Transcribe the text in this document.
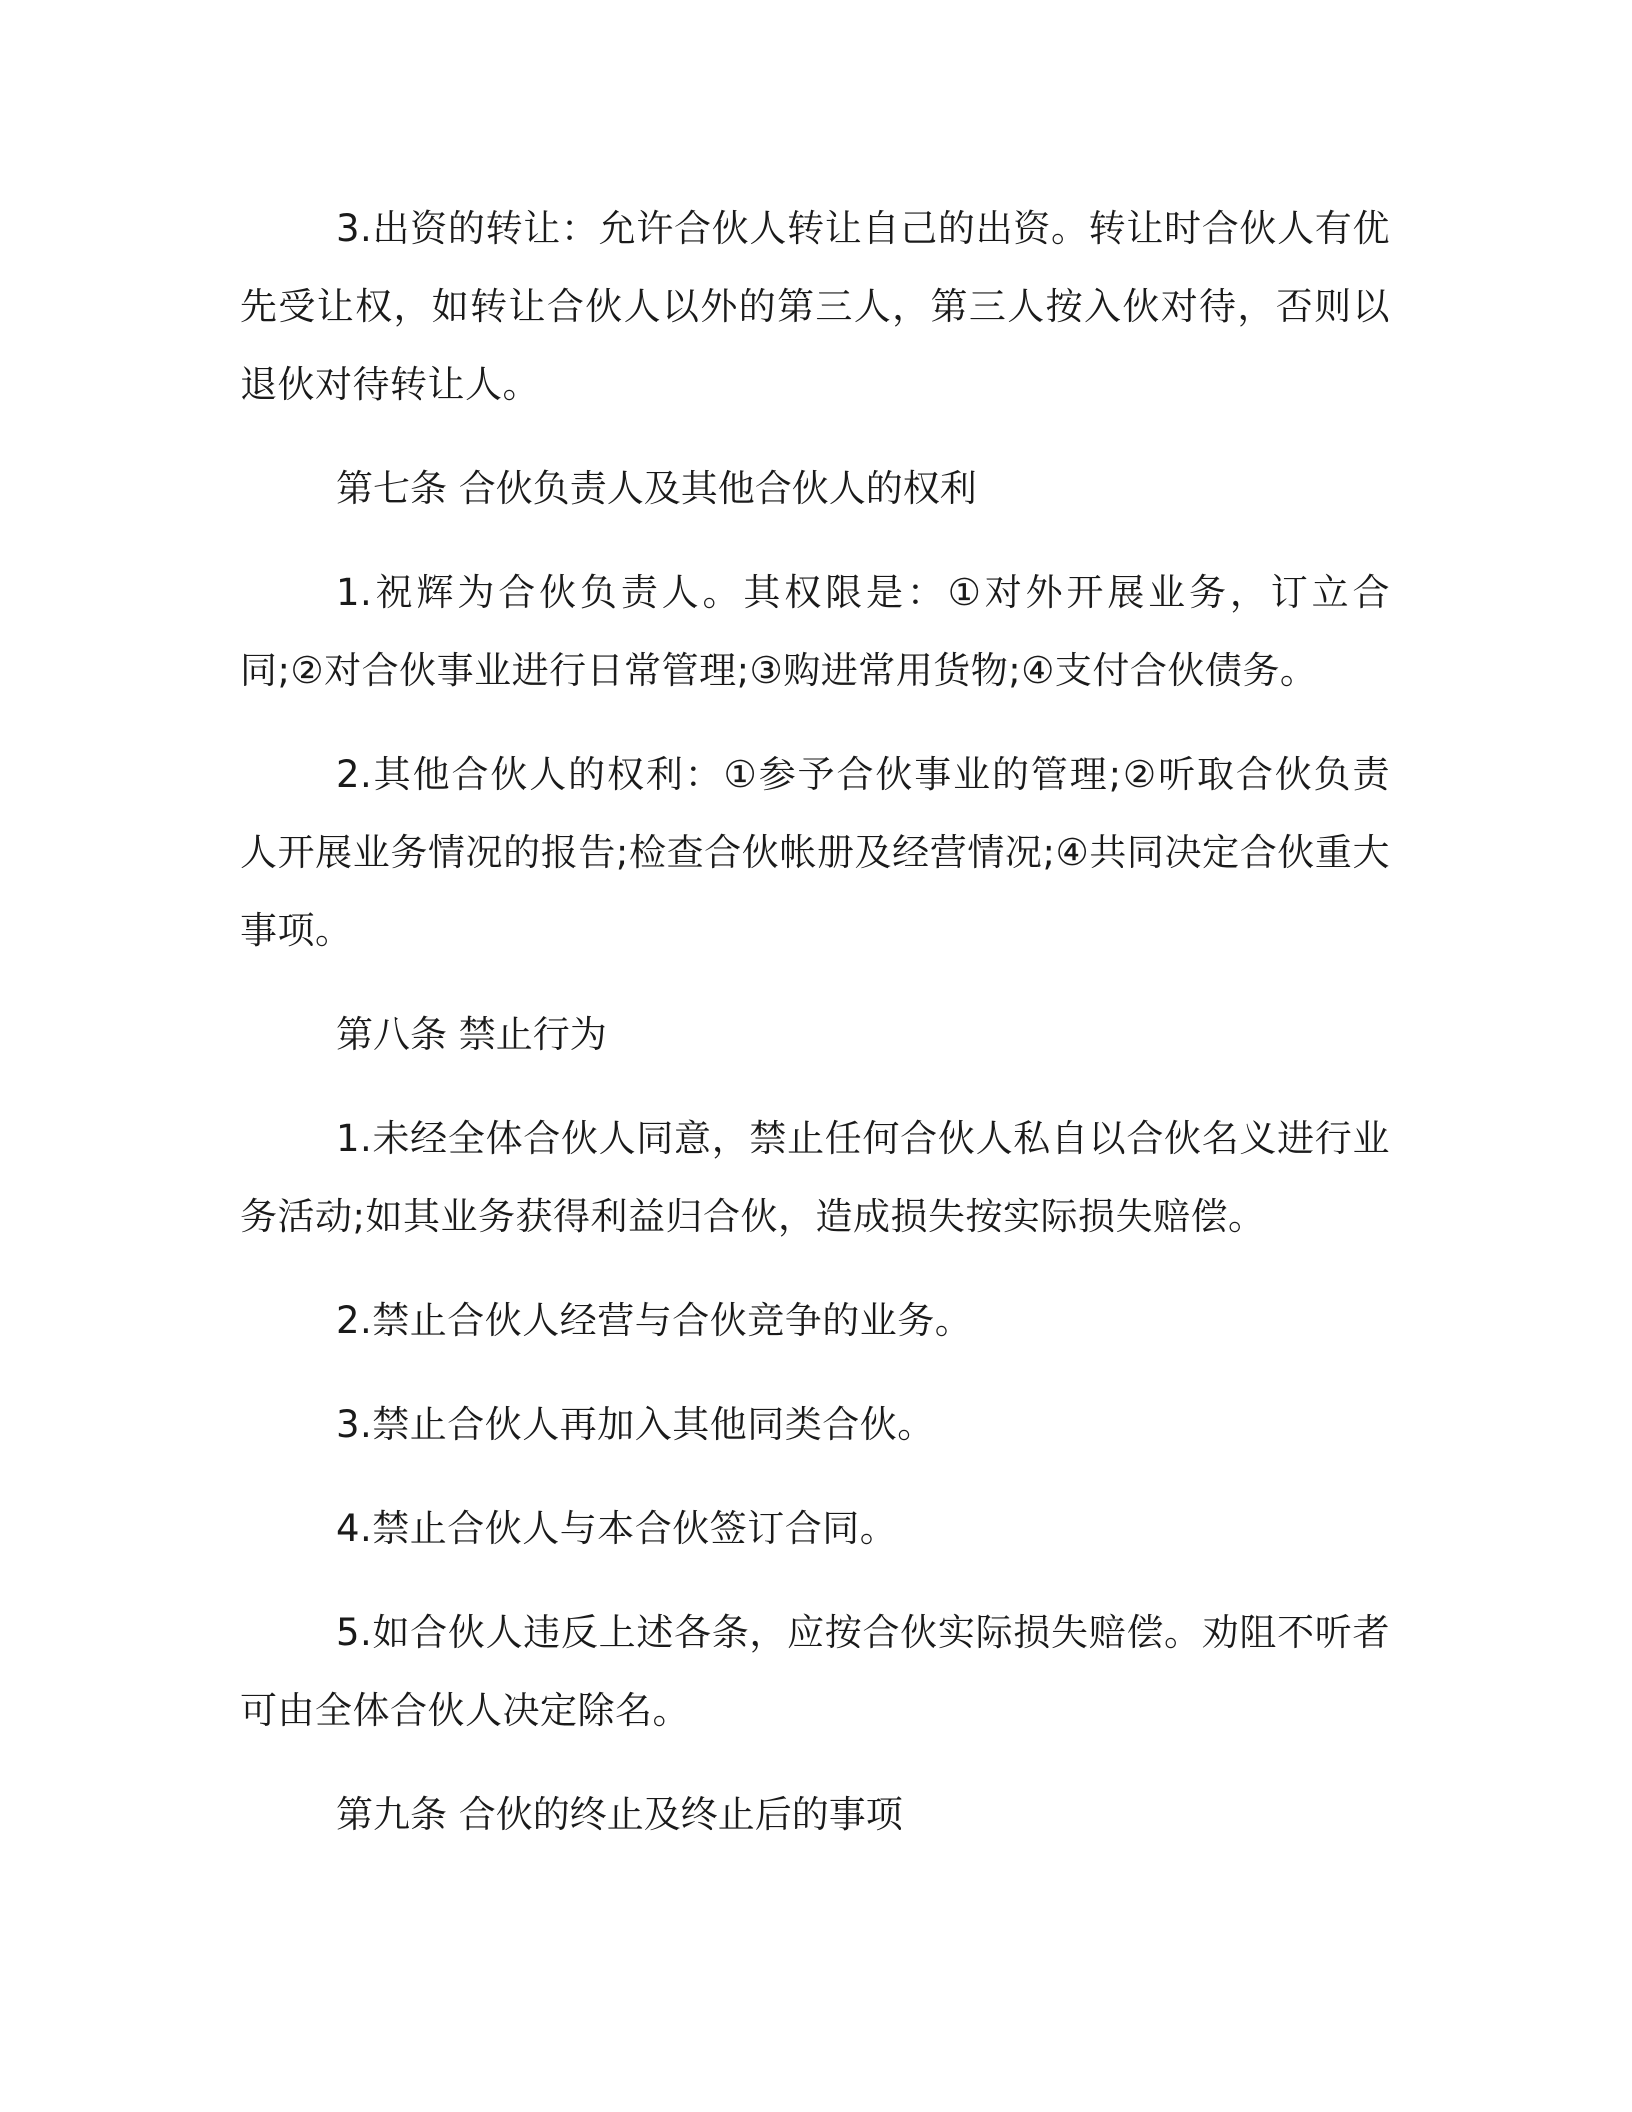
3.出资的转让：允许合伙人转让自己的出资。转让时合伙人有优先受让权，如转让合伙人以外的第三人，第三人按入伙对待，否则以退伙对待转让人。

第七条 合伙负责人及其他合伙人的权利

1.祝辉为合伙负责人。其权限是：①对外开展业务，订立合同;②对合伙事业进行日常管理;③购进常用货物;④支付合伙债务。

2.其他合伙人的权利：①参予合伙事业的管理;②听取合伙负责人开展业务情况的报告;检查合伙帐册及经营情况;④共同决定合伙重大事项。

第八条 禁止行为

1.未经全体合伙人同意，禁止任何合伙人私自以合伙名义进行业务活动;如其业务获得利益归合伙，造成损失按实际损失赔偿。

2.禁止合伙人经营与合伙竞争的业务。

3.禁止合伙人再加入其他同类合伙。

4.禁止合伙人与本合伙签订合同。

5.如合伙人违反上述各条，应按合伙实际损失赔偿。劝阻不听者可由全体合伙人决定除名。

第九条 合伙的终止及终止后的事项
